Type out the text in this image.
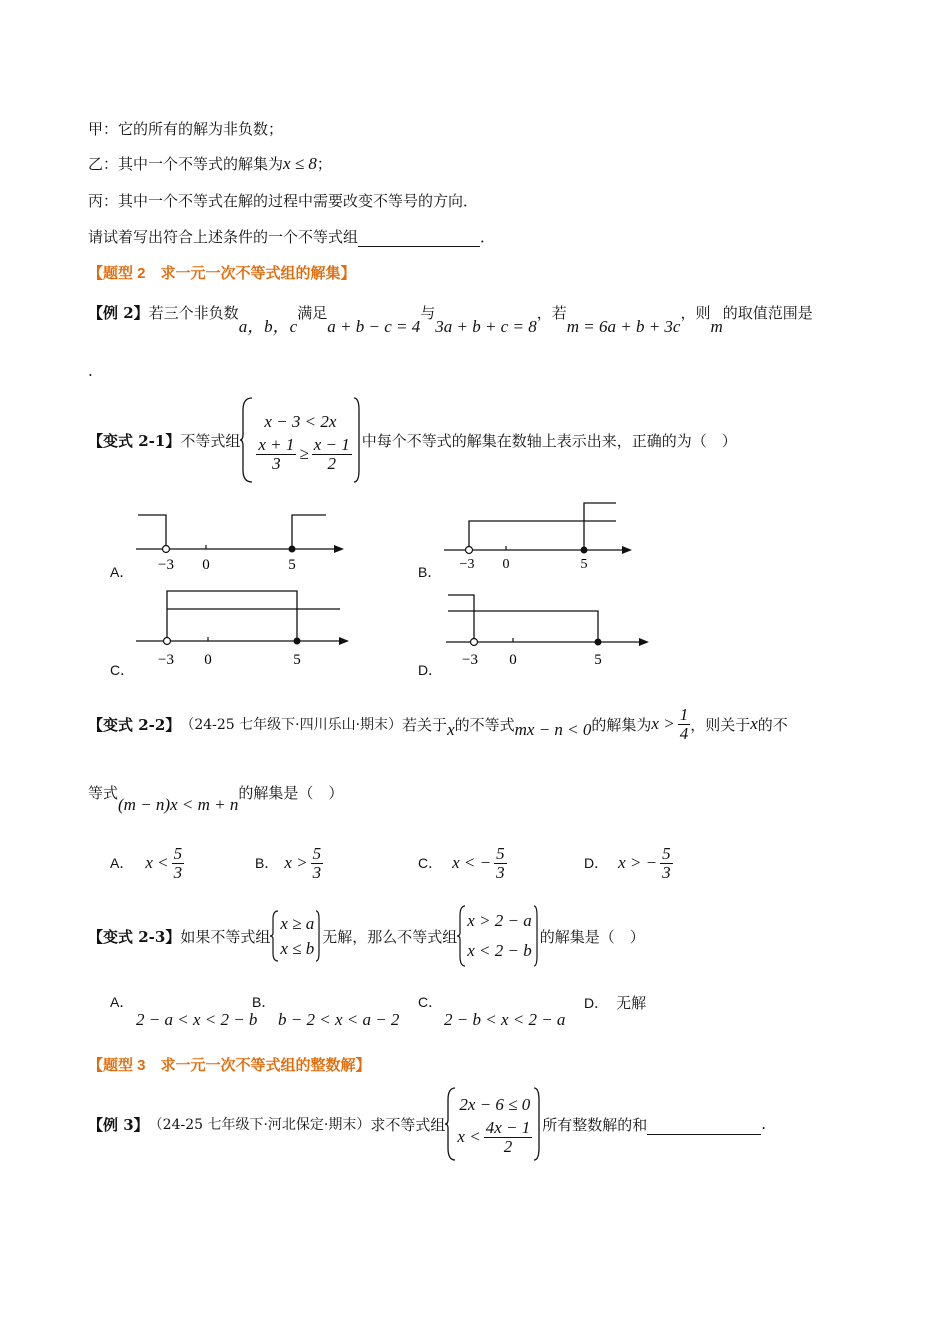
甲：它的所有的解为非负数；
乙：其中一个不等式的解集为x ≤ 8；
丙：其中一个不等式在解的过程中需要改变不等号的方向．
请试着写出符合上述条件的一个不等式组	．
【题型 2　求一元一次不等式组的解集】
【例 2】若三个非负数a，b，c满足a + b − c = 4与3a + b + c = 8，若m = 6a + b + 3c，则m的取值范围是
.
【变式 2-1】 不等式组
x − 3 < 2x
$\frac{x + 1}{3} \ge \frac{x - 1}{2}$ 中每个不等式的解集在数轴上表示出来，正确的为（　）
A． −3 0	5	B． −3 0	5
C．
−3 0	5
D．
−3 0	5
【变式 2-2】 （24-25 七年级下·四川乐山·期末） 若关于 x 的不等式 mx − n < 0 的解集为 $x > \frac{1}{4}$ ，则关于 x 的不
等式(m − n)x < m + n的解集是（　）
A． $x < \frac{5}{3}$	B． $x > \frac{5}{3}$	C． x < − $\frac{5}{3}$	D． x > − $\frac{5}{3}$
【变式 2-3】 如果不等式组
x ≥ a
x ≤ b
无解，那么不等式组
x > 2 − a
x < 2 − b
的解集是（　）
A．
2 − a < x < 2 − b
B．
b − 2 < x < a − 2
C．
2 − b < x < 2 − a
D． 无解
【题型 3　求一元一次不等式组的整数解】
【例 3】 （24-25 七年级下·河北保定·期末） 求不等式组
2x − 6 ≤ 0
$x < \frac{4x - 1}{2}$ 所有整数解的和	.
